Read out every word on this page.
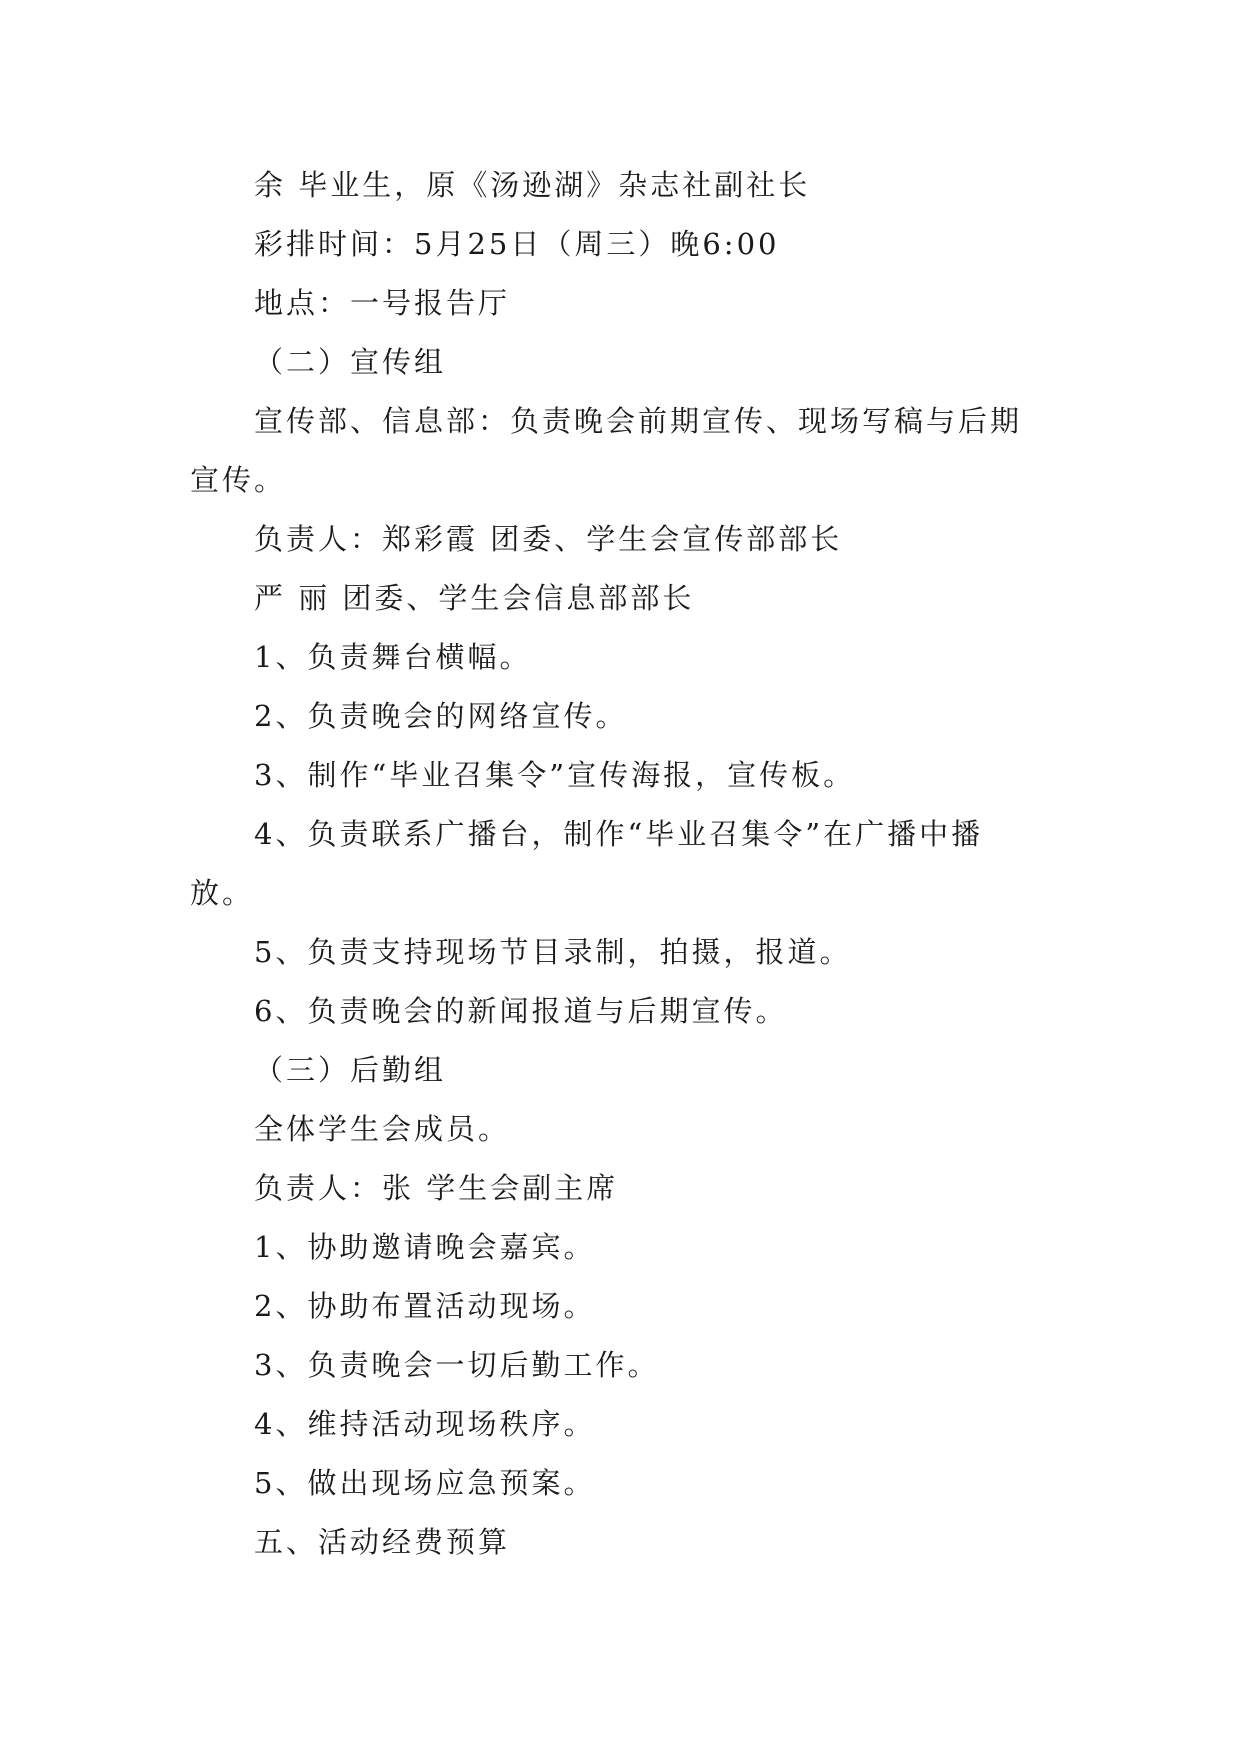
余 毕业生，原《汤逊湖》杂志社副社长

彩排时间：5月25日（周三）晚6:00

地点：一号报告厅

（二）宣传组

宣传部、信息部：负责晚会前期宣传、现场写稿与后期

宣传。

负责人：郑彩霞 团委、学生会宣传部部长

严 丽 团委、学生会信息部部长

1、负责舞台横幅。

2、负责晚会的网络宣传。

3、制作“毕业召集令”宣传海报，宣传板。

4、负责联系广播台，制作“毕业召集令”在广播中播

放。

5、负责支持现场节目录制，拍摄，报道。

6、负责晚会的新闻报道与后期宣传。

（三）后勤组

全体学生会成员。

负责人：张 学生会副主席

1、协助邀请晚会嘉宾。

2、协助布置活动现场。

3、负责晚会一切后勤工作。

4、维持活动现场秩序。

5、做出现场应急预案。

五、活动经费预算
